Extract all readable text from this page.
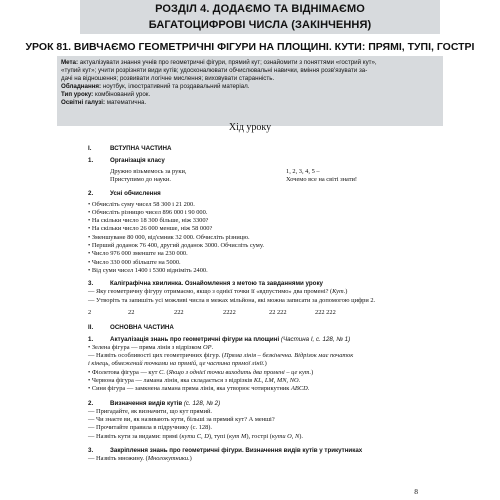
РОЗДІЛ 4. ДОДАЄМО ТА ВІДНІМАЄМО
БАГАТОЦИФРОВІ ЧИСЛА (ЗАКІНЧЕННЯ)
УРОК 81. ВИВЧАЄМО ГЕОМЕТРИЧНІ ФІГУРИ НА ПЛОЩИНІ. КУТИ: ПРЯМІ, ТУПІ, ГОСТРІ

Мета: актуалізувати знання учнів про геометричні фігури, прямий кут; ознайомити з поняттями «гострий кут»,

«тупий кут»; учити розрізняти види кутів; удосконалювати обчислювальні навички, вміння розв'язувати за-

дачі на відношення; розвивати логічне мислення; виховувати старанність.

Обладнання: ноутбук, ілюстративний та роздавальний матеріал.

Тип уроку: комбінований урок.

Освітні галузі: математична.

Хід уроку
I.	ВСТУПНА ЧАСТИНА
1.	Організація класу
Дружно візьмемось за руки,
Приступимо до науки.
1, 2, 3, 4, 5 –
Хочемо все на світі знати!
2.	Усні обчислення
• Обчисліть суму чисел 58 300 і 21 200.
• Обчисліть різницю чисел 896 000 і 90 000.
• На скільки число 18 300 більше, ніж 3300?
• На скільки число 26 000 менше, ніж 58 000?
• Зменшуване 80 000, від'ємник 32 000. Обчисліть різницю.
• Перший доданок 76 400, другий доданок 3000. Обчисліть суму.
• Число 976 000 зменште на 230 000.
• Число 330 000 збільште на 5000.
• Від суми чисел 1400 і 5300 відніміть 2400.
3.	Каліграфічна хвилинка. Ознайомлення з метою та завданнями уроку
— Яку геометричну фігуру отримаємо, якщо з однієї точки її «вдпустимо» два промені? (Кут.)
— Утворіть та запишіть усі можливі числа в межах мільйона, які можна записати за допомогою цифри 2.
2	22	222	2222	22 222	222 222
II.	ОСНОВНА ЧАСТИНА
1.	Актуалізація знань про геометричні фігури на площині (Частина І, с. 128, № 1)
• Зелена фігура — пряма лінія з відрізком OP.
— Назвіть особливості цих геометричних фігур. (Пряма лінія – безкінечна. Відрізок має початок
і кінець, обмежений точками на прямій, це частина прямої лінії.)
• Фіолетова фігура — кут C. (Якщо з однієї точки виходить два промені – це кут.)
• Червона фігура — ламана лінія, яка складається з відрізків KL, LM, MN, NO.
• Синя фігура — замкнена ламана пряма лінія, яка утворює чотирикутник ABCD.
2.	Визначення видів кутів (с. 128, № 2)
— Пригадайте, як визначити, що кут прямий.
— Чи знаєте ви, як називають кути, більші за прямий кут? А менші?
— Прочитайте правила в підручнику (с. 128).
— Назвіть кути за видами: прямі (кути C, D), тупі (кут M), гострі (кути O, N).
3.	Закріплення знань про геометричні фігури. Визначення видів кутів у трикутниках
— Назвіть множину. (Многокутники.)
8
